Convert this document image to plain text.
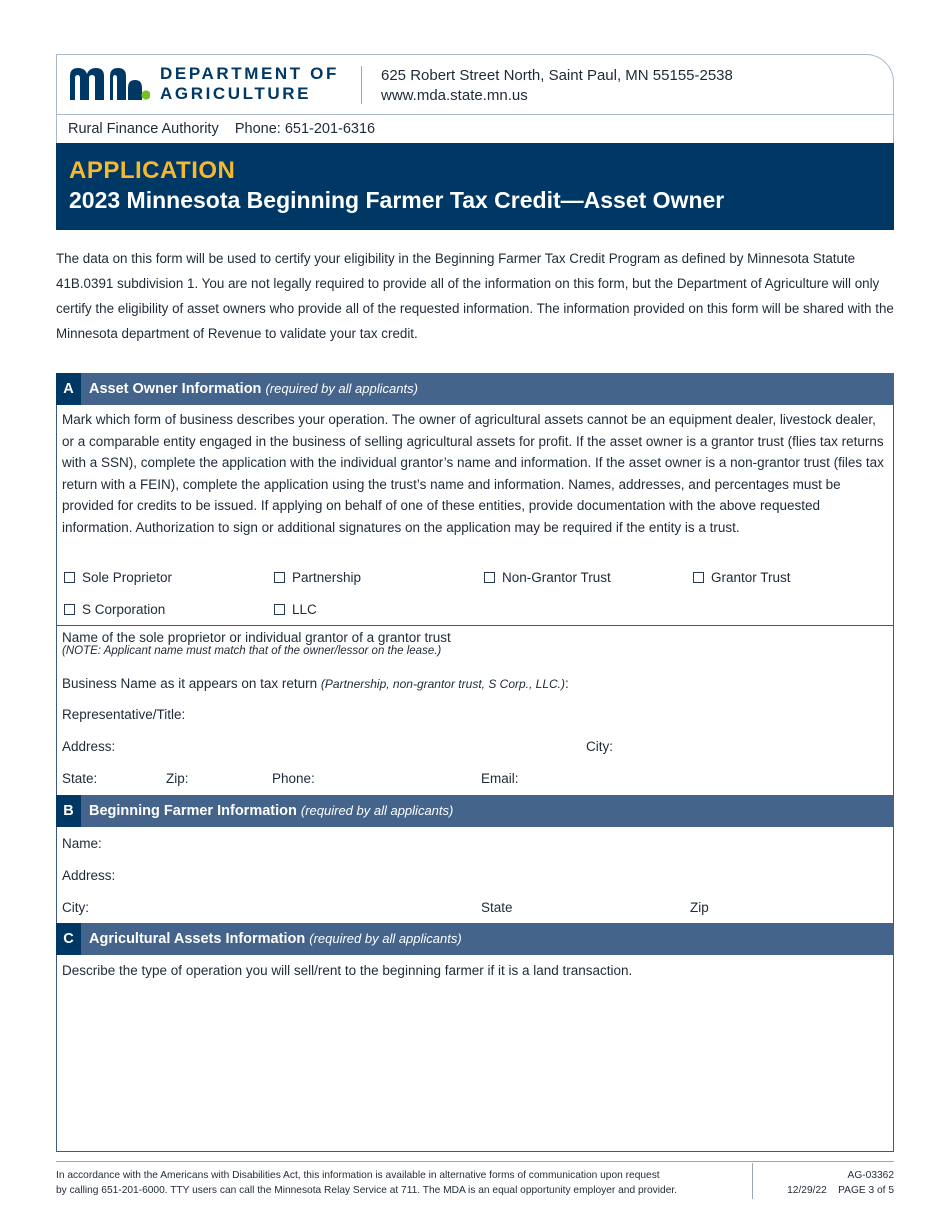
DEPARTMENT OF
AGRICULTURE
625 Robert Street North, Saint Paul, MN 55155-2538
www.mda.state.mn.us
Rural Finance Authority    Phone: 651-201-6316
APPLICATION
2023 Minnesota Beginning Farmer Tax Credit—Asset Owner
The data on this form will be used to certify your eligibility in the Beginning Farmer Tax Credit Program as defined by Minnesota Statute 41B.0391 subdivision 1. You are not legally required to provide all of the information on this form, but the Department of Agriculture will only certify the eligibility of asset owners who provide all of the requested information. The information provided on this form will be shared with the Minnesota department of Revenue to validate your tax credit.
A	Asset Owner Information (required by all applicants)
Mark which form of business describes your operation. The owner of agricultural assets cannot be an equipment dealer, livestock dealer, or a comparable entity engaged in the business of selling agricultural assets for profit. If the asset owner is a grantor trust (flies tax returns with a SSN), complete the application with the individual grantor’s name and information. If the asset owner is a non-grantor trust (files tax return with a FEIN), complete the application using the trust’s name and information. Names, addresses, and percentages must be provided for credits to be issued. If applying on behalf of one of these entities, provide documentation with the above requested information. Authorization to sign or additional signatures on the application may be required if the entity is a trust.
Sole Proprietor	Partnership	Non-Grantor Trust	Grantor Trust
S Corporation	LLC
Name of the sole proprietor or individual grantor of a grantor trust
(NOTE: Applicant name must match that of the owner/lessor on the lease.)
Business Name as it appears on tax return (Partnership, non-grantor trust, S Corp., LLC.):
Representative/Title:
Address:	City:
State:	Zip:	Phone:	Email:
B	Beginning Farmer Information (required by all applicants)
Name:
Address:
City:	State	Zip
C	Agricultural Assets Information (required by all applicants)
Describe the type of operation you will sell/rent to the beginning farmer if it is a land transaction.
In accordance with the Americans with Disabilities Act, this information is available in alternative forms of communication upon request
by calling 651-201-6000. TTY users can call the Minnesota Relay Service at 711. The MDA is an equal opportunity employer and provider.
AG-03362
12/29/22    PAGE 3 of 5
